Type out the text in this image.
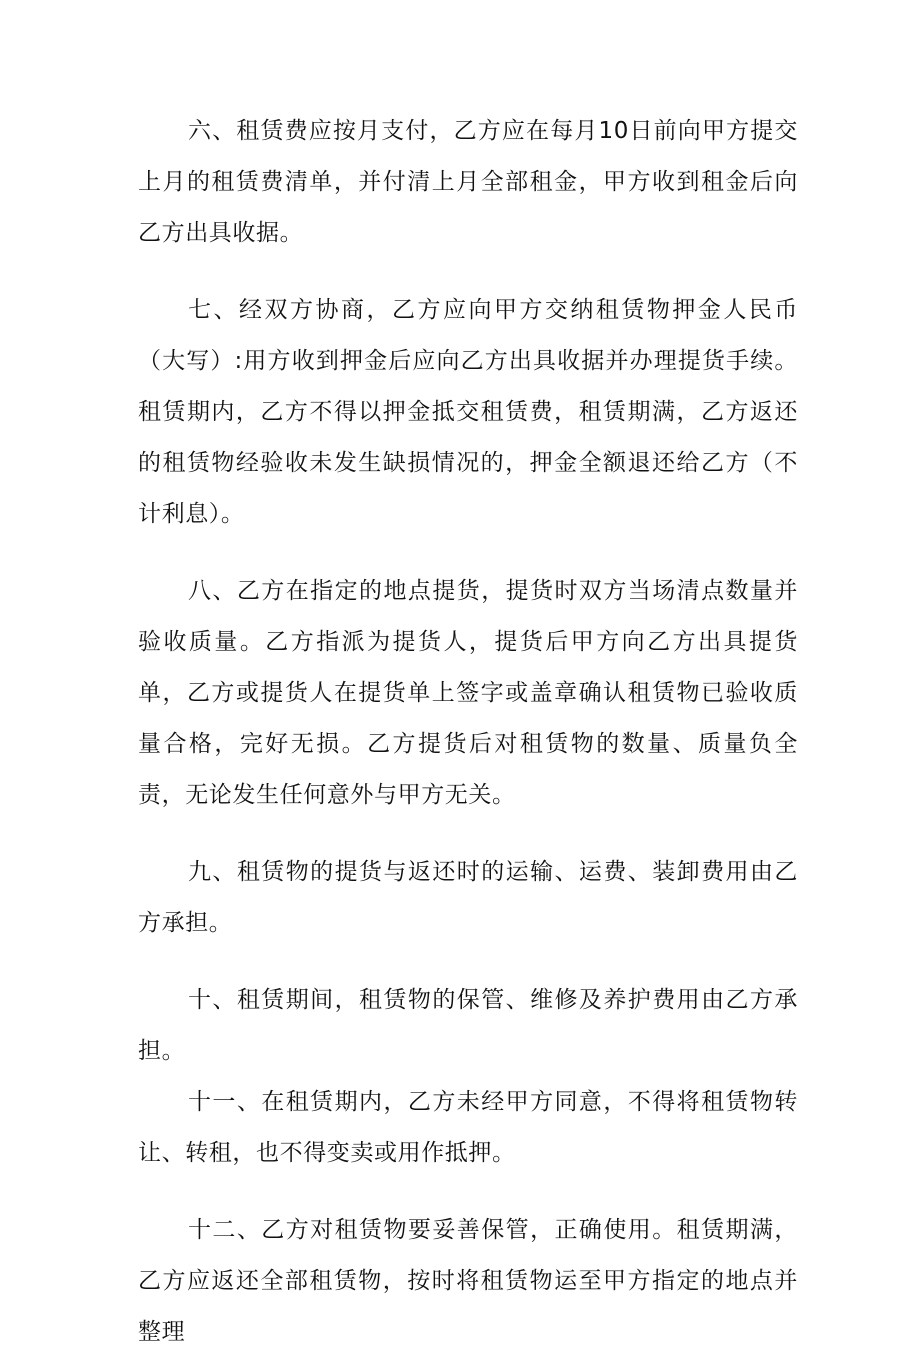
六、租赁费应按月支付，乙方应在每月10日前向甲方提交上月的租赁费清单，并付清上月全部租金，甲方收到租金后向乙方出具收据。

七、经双方协商，乙方应向甲方交纳租赁物押金人民币（大写）:用方收到押金后应向乙方出具收据并办理提货手续。租赁期内，乙方不得以押金抵交租赁费，租赁期满，乙方返还的租赁物经验收未发生缺损情况的，押金全额退还给乙方（不计利息）。

八、乙方在指定的地点提货，提货时双方当场清点数量并验收质量。乙方指派为提货人，提货后甲方向乙方出具提货单，乙方或提货人在提货单上签字或盖章确认租赁物已验收质量合格，完好无损。乙方提货后对租赁物的数量、质量负全责，无论发生任何意外与甲方无关。

九、租赁物的提货与返还时的运输、运费、装卸费用由乙方承担。

十、租赁期间，租赁物的保管、维修及养护费用由乙方承担。

十一、在租赁期内，乙方未经甲方同意，不得将租赁物转让、转租，也不得变卖或用作抵押。

十二、乙方对租赁物要妥善保管，正确使用。租赁期满，乙方应返还全部租赁物，按时将租赁物运至甲方指定的地点并整理
